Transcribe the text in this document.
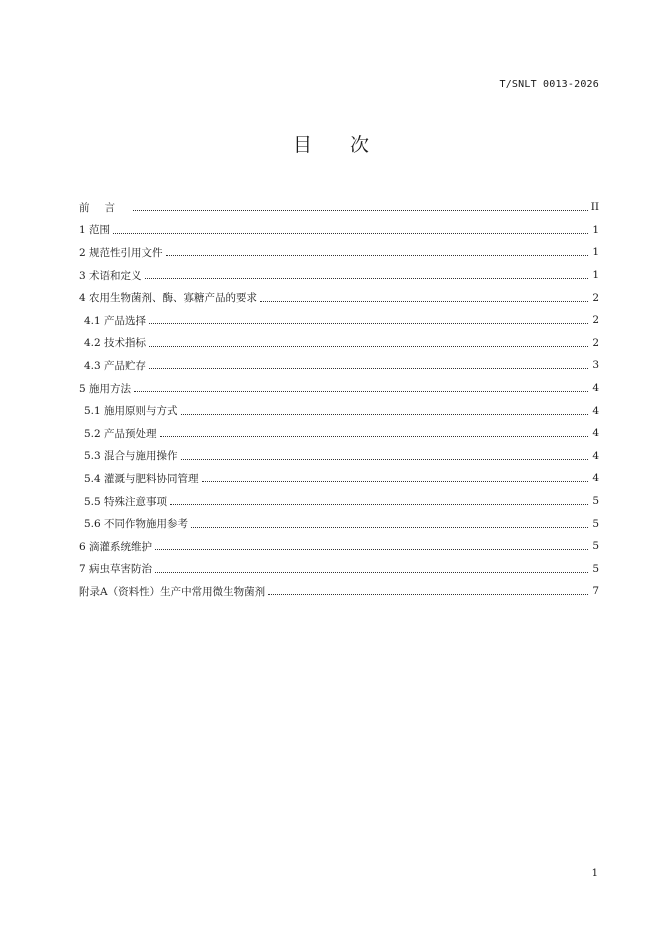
T/SNLT 0013-2026
目次
前言	II
1 范围	1
2 规范性引用文件	1
3 术语和定义	1
4 农用生物菌剂、酶、寡糖产品的要求	2
4.1 产品选择	2
4.2 技术指标	2
4.3 产品贮存	3
5 施用方法	4
5.1 施用原则与方式	4
5.2 产品预处理	4
5.3 混合与施用操作	4
5.4 灌溉与肥料协同管理	4
5.5 特殊注意事项	5
5.6 不同作物施用参考	5
6 滴灌系统维护	5
7 病虫草害防治	5
附录A（资料性）生产中常用微生物菌剂	7
1
